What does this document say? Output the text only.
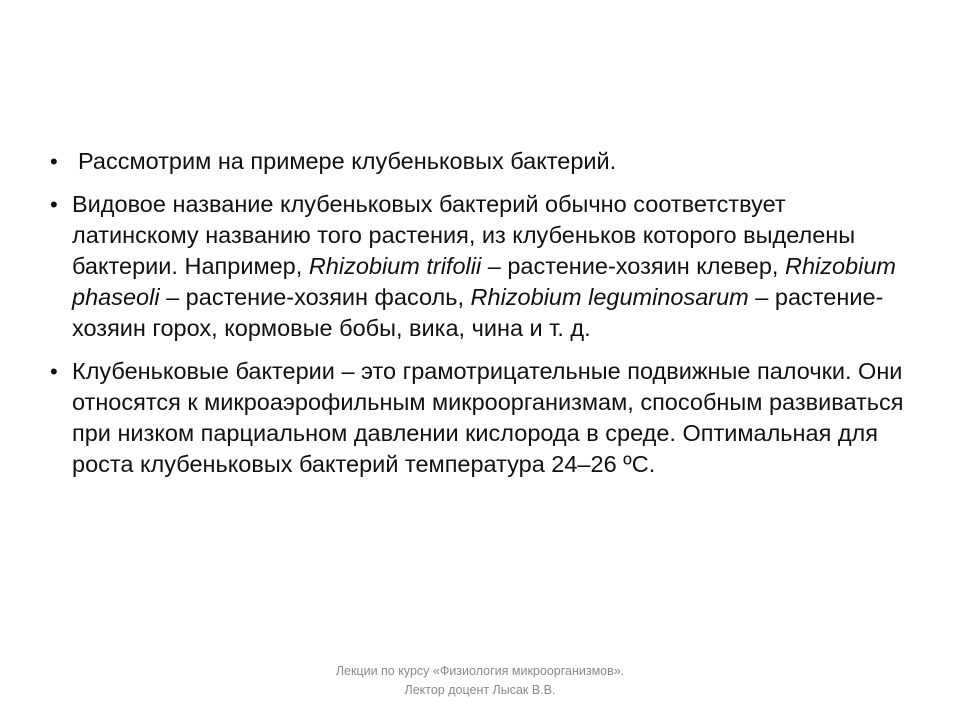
• Рассмотрим на примере клубеньковых бактерий.
• Видовое название клубеньковых бактерий обычно соответствует латинскому названию того растения, из клубеньков которого выделены бактерии. Например, Rhizobium trifolii – растение-хозяин клевер, Rhizobium phaseoli – растение-хозяин фасоль, Rhizobium leguminosarum – растение-хозяин горох, кормовые бобы, вика, чина и т. д.
• Клубеньковые бактерии – это грамотрицательные подвижные палочки. Они относятся к микроаэрофильным микроорганизмам, способным развиваться при низком парциальном давлении кислорода в среде. Оптимальная для роста клубеньковых бактерий температура 24–26 ºС.
Лекции по курсу «Физиология микроорганизмов». Лектор доцент Лысак В.В.
